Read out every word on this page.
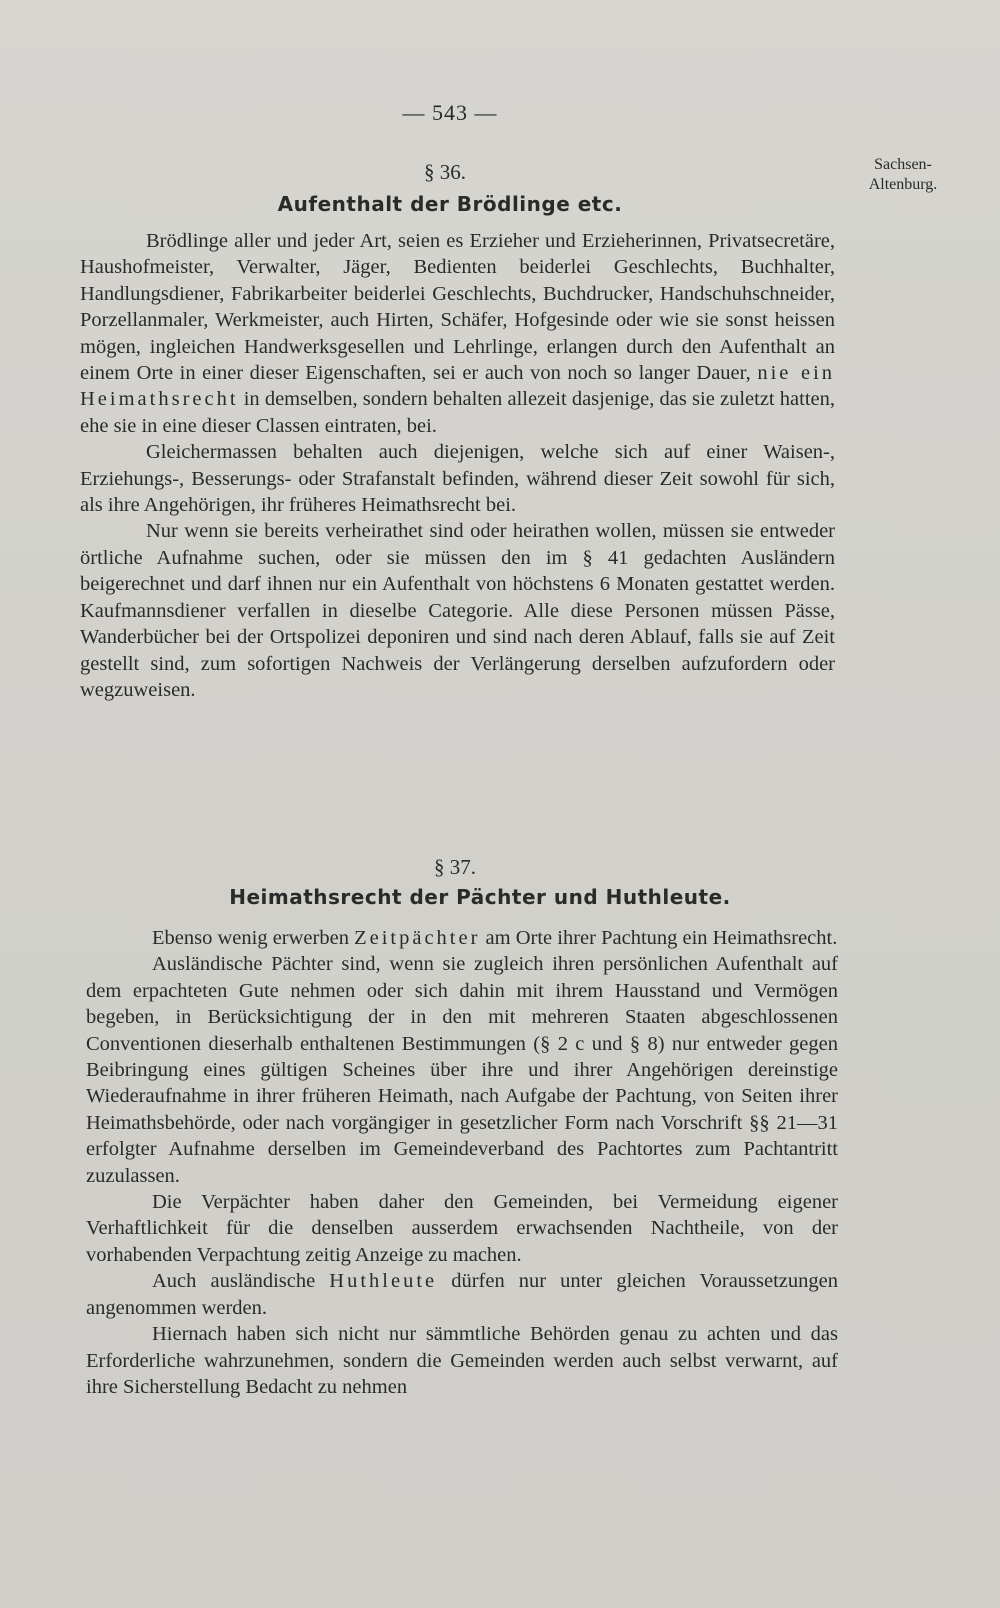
— 543 —
Sachsen-
Altenburg.
§ 36.
Aufenthalt der Brödlinge etc.

Brödlinge aller und jeder Art, seien es Erzieher und Erzieherinnen, Privatsecretäre, Haushofmeister, Verwalter, Jäger, Bedienten beiderlei Geschlechts, Buchhalter, Handlungsdiener, Fabrikarbeiter beiderlei Geschlechts, Buchdrucker, Handschuhschneider, Porzellanmaler, Werkmeister, auch Hirten, Schäfer, Hofgesinde oder wie sie sonst heissen mögen, ingleichen Handwerksgesellen und Lehrlinge, erlangen durch den Aufenthalt an einem Orte in einer dieser Eigenschaften, sei er auch von noch so langer Dauer, nie ein Heimathsrecht in demselben, sondern behalten allezeit dasjenige, das sie zuletzt hatten, ehe sie in eine dieser Classen eintraten, bei.

Gleichermassen behalten auch diejenigen, welche sich auf einer Waisen-, Erziehungs-, Besserungs- oder Strafanstalt befinden, während dieser Zeit sowohl für sich, als ihre Angehörigen, ihr früheres Heimathsrecht bei.

Nur wenn sie bereits verheirathet sind oder heirathen wollen, müssen sie entweder örtliche Aufnahme suchen, oder sie müssen den im § 41 gedachten Ausländern beigerechnet und darf ihnen nur ein Aufenthalt von höchstens 6 Monaten gestattet werden. Kaufmannsdiener verfallen in dieselbe Categorie. Alle diese Personen müssen Pässe, Wanderbücher bei der Ortspolizei deponiren und sind nach deren Ablauf, falls sie auf Zeit gestellt sind, zum sofortigen Nachweis der Verlängerung derselben aufzufordern oder wegzuweisen.

§ 37.
Heimathsrecht der Pächter und Huthleute.

Ebenso wenig erwerben Zeitpächter am Orte ihrer Pachtung ein Heimathsrecht.

Ausländische Pächter sind, wenn sie zugleich ihren persönlichen Aufenthalt auf dem erpachteten Gute nehmen oder sich dahin mit ihrem Hausstand und Vermögen begeben, in Berücksichtigung der in den mit mehreren Staaten abgeschlossenen Conventionen dieserhalb enthaltenen Bestimmungen (§ 2 c und § 8) nur entweder gegen Beibringung eines gültigen Scheines über ihre und ihrer Angehörigen dereinstige Wiederaufnahme in ihrer früheren Heimath, nach Aufgabe der Pachtung, von Seiten ihrer Heimathsbehörde, oder nach vorgängiger in gesetzlicher Form nach Vorschrift §§ 21—31 erfolgter Aufnahme derselben im Gemeindeverband des Pachtortes zum Pachtantritt zuzulassen.

Die Verpächter haben daher den Gemeinden, bei Vermeidung eigener Verhaftlichkeit für die denselben ausserdem erwachsenden Nachtheile, von der vorhabenden Verpachtung zeitig Anzeige zu machen.

Auch ausländische Huthleute dürfen nur unter gleichen Voraussetzungen angenommen werden.

Hiernach haben sich nicht nur sämmtliche Behörden genau zu achten und das Erforderliche wahrzunehmen, sondern die Gemeinden werden auch selbst verwarnt, auf ihre Sicherstellung Bedacht zu nehmen
